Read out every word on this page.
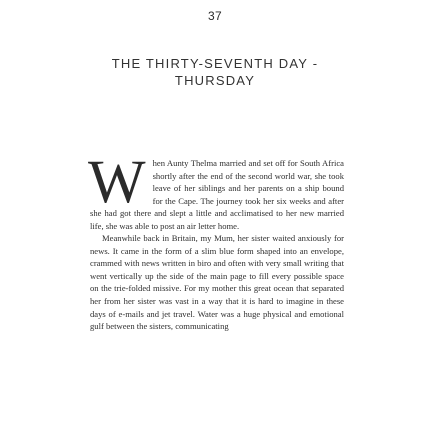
37
THE THIRTY-SEVENTH DAY -
THURSDAY

When Aunty Thelma married and set off for South Africa shortly after the end of the second world war, she took leave of her siblings and her parents on a ship bound for the Cape. The journey took her six weeks and after she had got there and slept a little and acclimatised to her new married life, she was able to post an air letter home.

Meanwhile back in Britain, my Mum, her sister waited anxiously for news. It came in the form of a slim blue form shaped into an envelope, crammed with news written in biro and often with very small writing that went vertically up the side of the main page to fill every possible space on the trie-folded missive. For my mother this great ocean that separated her from her sister was vast in a way that it is hard to imagine in these days of e-mails and jet travel. Water was a huge physical and emotional gulf between the sisters, communicating
